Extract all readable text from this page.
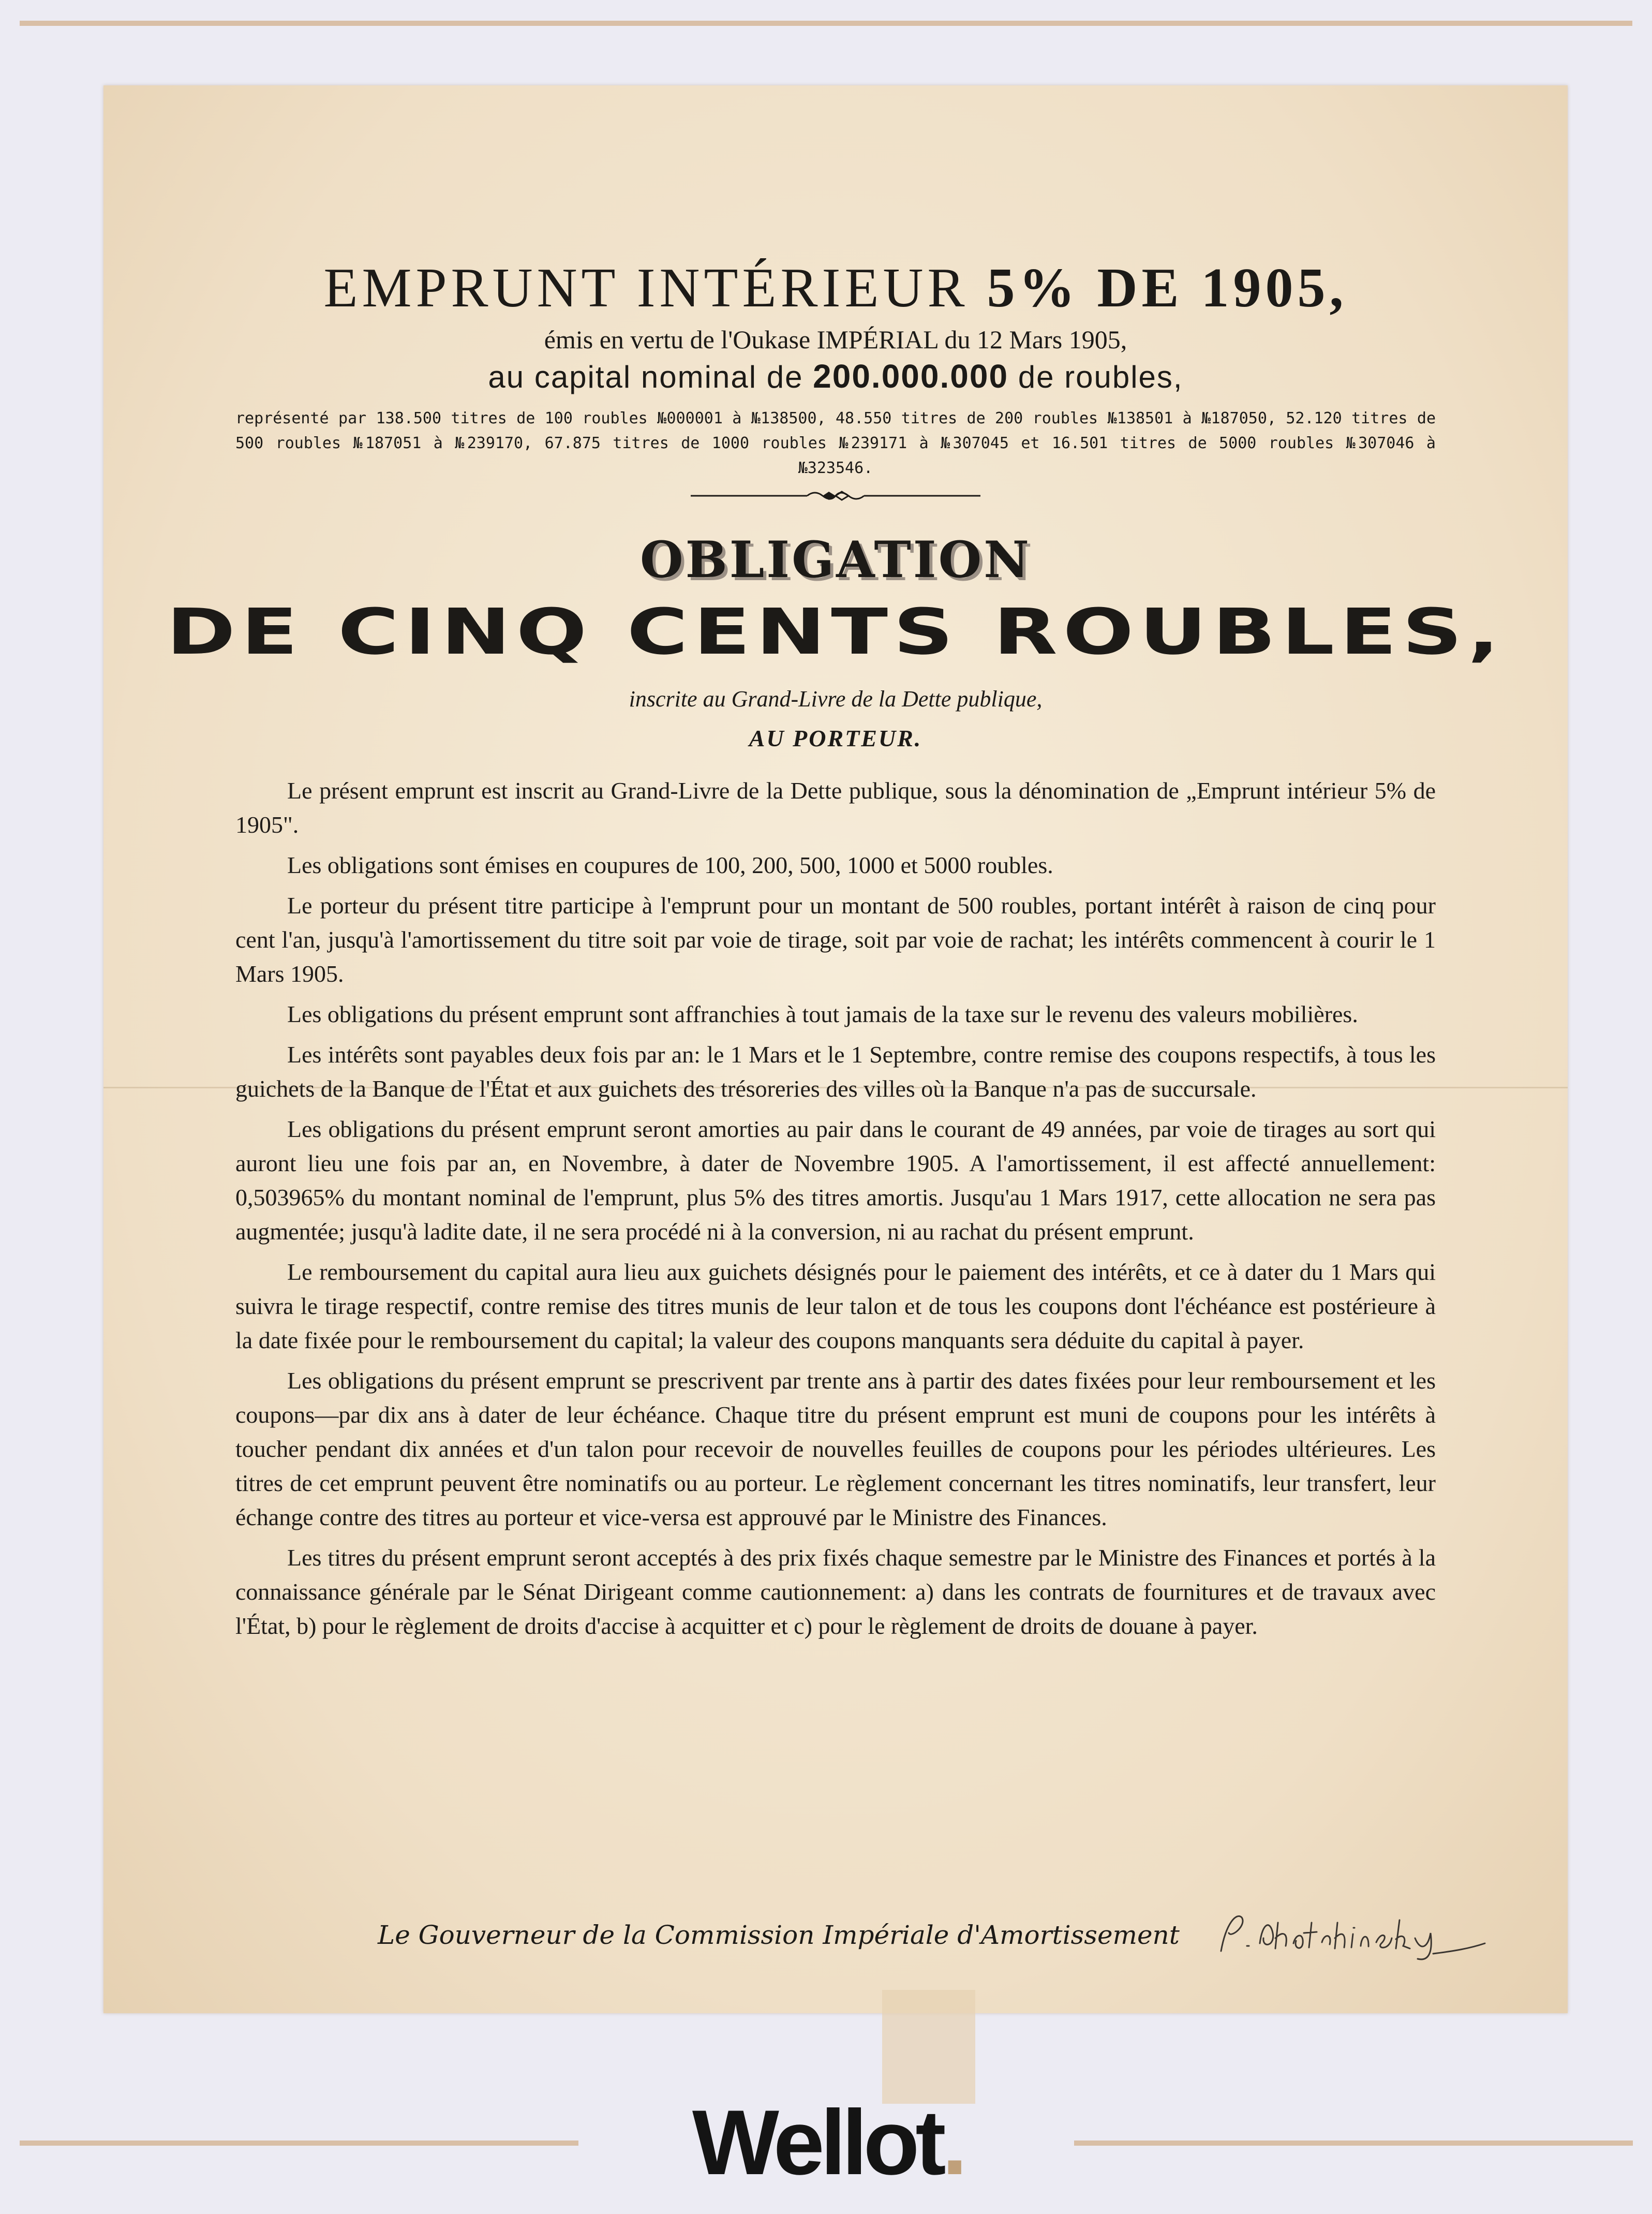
EMPRUNT INTÉRIEUR 5% DE 1905,
émis en vertu de l'Oukase IMPÉRIAL du 12 Mars 1905,
au capital nominal de 200.000.000 de roubles,
représenté par 138.500 titres de 100 roubles №000001 à №138500, 48.550 titres de 200 roubles №138501 à №187050, 52.120 titres de 500 roubles №187051 à №239170, 67.875 titres de 1000 roubles №239171 à №307045 et 16.501 titres de 5000 roubles №307046 à №323546.
OBLIGATION
DE CINQ CENTS ROUBLES,
inscrite au Grand-Livre de la Dette publique,
AU PORTEUR.

Le présent emprunt est inscrit au Grand-Livre de la Dette publique, sous la dénomination de „Emprunt intérieur 5% de 1905".

Les obligations sont émises en coupures de 100, 200, 500, 1000 et 5000 roubles.

Le porteur du présent titre participe à l'emprunt pour un montant de 500 roubles, portant intérêt à raison de cinq pour cent l'an, jusqu'à l'amortissement du titre soit par voie de tirage, soit par voie de rachat; les intérêts commencent à courir le 1 Mars 1905.

Les obligations du présent emprunt sont affranchies à tout jamais de la taxe sur le revenu des valeurs mobilières.

Les intérêts sont payables deux fois par an: le 1 Mars et le 1 Septembre, contre remise des coupons respectifs, à tous les guichets de la Banque de l'État et aux guichets des trésoreries des villes où la Banque n'a pas de succursale.

Les obligations du présent emprunt seront amorties au pair dans le courant de 49 années, par voie de tirages au sort qui auront lieu une fois par an, en Novembre, à dater de Novembre 1905. A l'amortissement, il est affecté annuellement: 0,503965% du montant nominal de l'emprunt, plus 5% des titres amortis. Jusqu'au 1 Mars 1917, cette allocation ne sera pas augmentée; jusqu'à ladite date, il ne sera procédé ni à la conversion, ni au rachat du présent emprunt.

Le remboursement du capital aura lieu aux guichets désignés pour le paiement des intérêts, et ce à dater du 1 Mars qui suivra le tirage respectif, contre remise des titres munis de leur talon et de tous les coupons dont l'échéance est postérieure à la date fixée pour le remboursement du capital; la valeur des coupons manquants sera déduite du capital à payer.

Les obligations du présent emprunt se prescrivent par trente ans à partir des dates fixées pour leur remboursement et les coupons—par dix ans à dater de leur échéance. Chaque titre du présent emprunt est muni de coupons pour les intérêts à toucher pendant dix années et d'un talon pour recevoir de nouvelles feuilles de coupons pour les périodes ultérieures. Les titres de cet emprunt peuvent être nominatifs ou au porteur. Le règlement concernant les titres nominatifs, leur transfert, leur échange contre des titres au porteur et vice-versa est approuvé par le Ministre des Finances.

Les titres du présent emprunt seront acceptés à des prix fixés chaque semestre par le Ministre des Finances et portés à la connaissance générale par le Sénat Dirigeant comme cautionnement: a) dans les contrats de fournitures et de travaux avec l'État, b) pour le règlement de droits d'accise à acquitter et c) pour le règlement de droits de douane à payer.

Le Gouverneur de la Commission Impériale d'Amortissement
Wellot.
